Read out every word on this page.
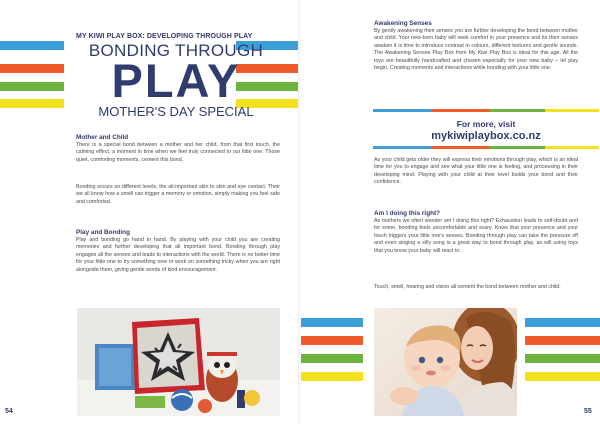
MY KIWI PLAY BOX: DEVELOPING THROUGH PLAY
BONDING THROUGH
PLAY
MOTHER'S DAY SPECIAL
Mother and Child

There is a special bond between a mother and her child, from that first touch, the calming effect, a moment in time when we feel truly connected to our little one. Those quiet, comforting moments, cement this bond.

Bonding occurs on different levels, the all-important skin to skin and eye contact. Their we all know how a smell can trigger a memory or emotion, simply making you feel safe and comforted.

Play and Bonding

Play and bonding go hand in hand. By playing with your child you are creating memories and further developing that all important bond. Bonding through play engages all the senses and leads to interactions with the world. There is no better time for your little one to try something new or work on something tricky when you are right alongside them, giving gentle words of kind encouragement.

54
Awakening Senses

By gently awakening their senses you are further developing the bond between mother and child. Your new-born baby will seek comfort in your presence and its their senses awaken it is time to introduce contrast in colours, different textures and gentle sounds. The Awakening Senses Play Box from My Kiwi Play Box is ideal for this age. All the toys are beautifully handcrafted and chosen especially for your new baby – let play begin. Creating moments and interactions while bonding with your little one.

For more, visit
mykiwiplaybox.co.nz

As your child gets older they will express their emotions through play, which is an ideal time for you to engage and see what your little one is feeling, and processing in their developing mind. Playing with your child at their level builds your bond and their confidence.

Am I doing this right?

As mothers we often wonder am I doing this right? Exhaustion leads to self-doubt and for some, bonding feels uncomfortable and scary. Know that your presence and your touch triggers your little one's senses. Bonding through play can take the pressure off and even singing a silly song is a great way to bond through play, as will using toys that you know your baby will react to.

Touch, smell, hearing and vision all cement the bond between mother and child.

55
